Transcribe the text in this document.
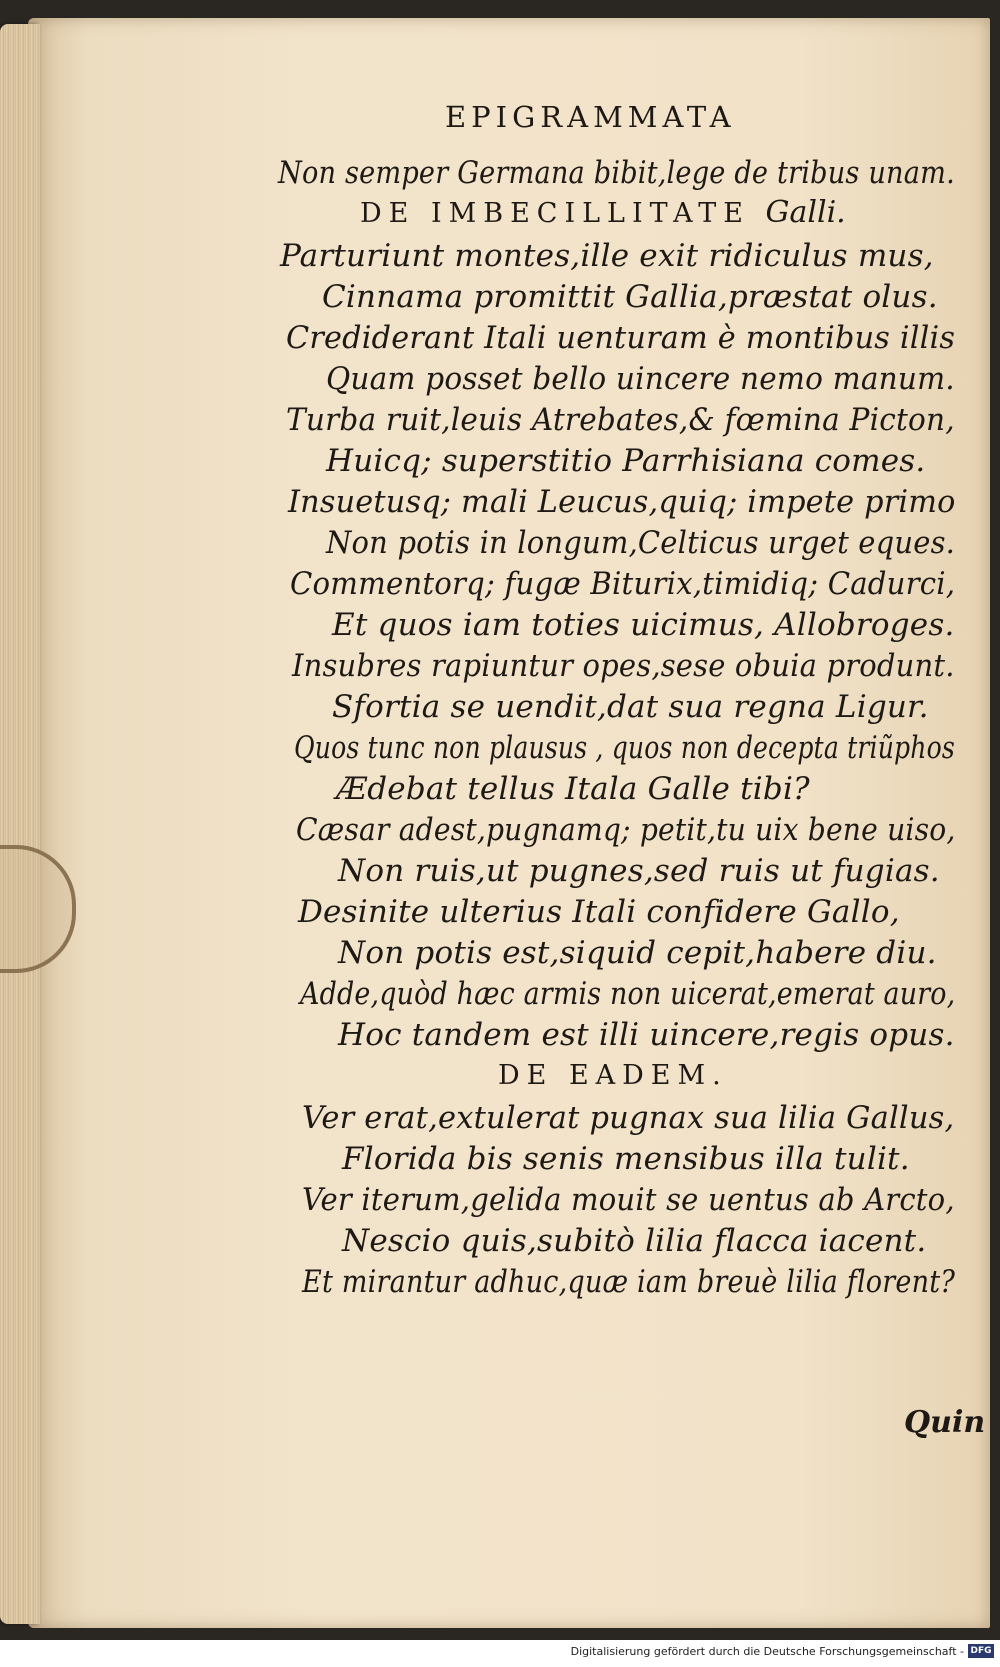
EPIGRAMMATA
Non semper Germana bibit,lege de tribus unam.
DE IMBECILLITATE Galli.
Parturiunt montes,ille exit ridiculus mus,
Cinnama promittit Gallia,præstat olus.
Crediderant Itali uenturam è montibus illis
Quam posset bello uincere nemo manum.
Turba ruit,leuis Atrebates,& fœmina Picton,
Huicq; superstitio Parrhisiana comes.
Insuetusq; mali Leucus,quiq; impete primo
Non potis in longum,Celticus urget eques.
Commentorq; fugæ Biturix,timidiq; Cadurci,
Et quos iam toties uicimus, Allobroges.
Insubres rapiuntur opes,sese obuia produnt.
Sfortia se uendit,dat sua regna Ligur.
Quos tunc non plausus , quos non decepta triũphos
Ædebat tellus Itala Galle tibi?
Cæsar adest,pugnamq; petit,tu uix bene uiso,
Non ruis,ut pugnes,sed ruis ut fugias.
Desinite ulterius Itali confidere Gallo,
Non potis est,siquid cepit,habere diu.
Adde,quòd hæc armis non uicerat,emerat auro,
Hoc tandem est illi uincere,regis opus.
DE EADEM.
Ver erat,extulerat pugnax sua lilia Gallus,
Florida bis senis mensibus illa tulit.
Ver iterum,gelida mouit se uentus ab Arcto,
Nescio quis,subitò lilia flacca iacent.
Et mirantur adhuc,quæ iam breuè lilia florent?
Quin
Digitalisierung gefördert durch die Deutsche Forschungsgemeinschaft - DFG
